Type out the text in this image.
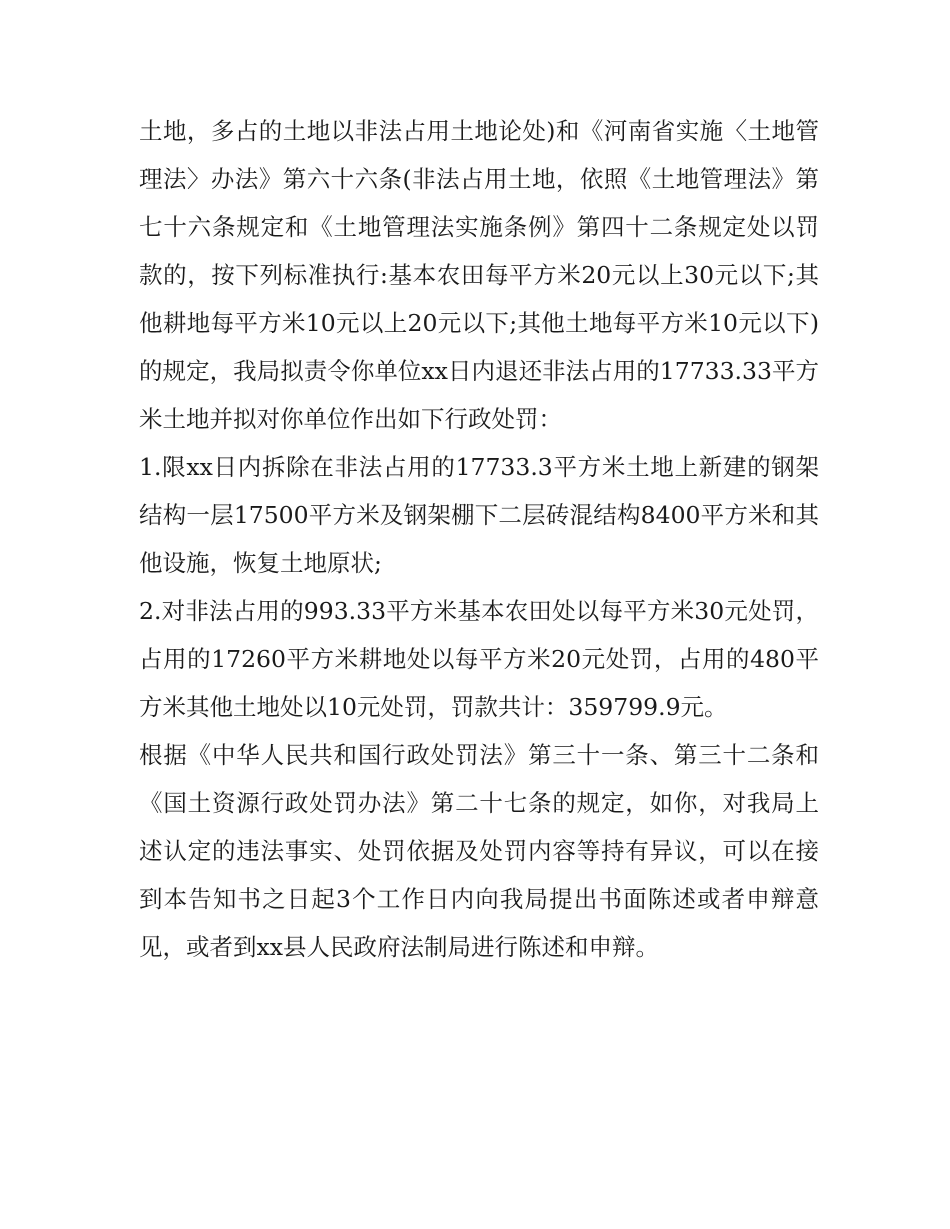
土地，多占的土地以非法占用土地论处)和《河南省实施〈土地管理法〉办法》第六十六条(非法占用土地，依照《土地管理法》第七十六条规定和《土地管理法实施条例》第四十二条规定处以罚款的，按下列标准执行:基本农田每平方米20元以上30元以下;其他耕地每平方米10元以上20元以下;其他土地每平方米10元以下)的规定，我局拟责令你单位xx日内退还非法占用的17733.33平方米土地并拟对你单位作出如下行政处罚：

1.限xx日内拆除在非法占用的17733.3平方米土地上新建的钢架结构一层17500平方米及钢架棚下二层砖混结构8400平方米和其他设施，恢复土地原状;

2.对非法占用的993.33平方米基本农田处以每平方米30元处罚，占用的17260平方米耕地处以每平方米20元处罚，占用的480平方米其他土地处以10元处罚，罚款共计：359799.9元。

根据《中华人民共和国行政处罚法》第三十一条、第三十二条和《国土资源行政处罚办法》第二十七条的规定，如你，对我局上述认定的违法事实、处罚依据及处罚内容等持有异议，可以在接到本告知书之日起3个工作日内向我局提出书面陈述或者申辩意见，或者到xx县人民政府法制局进行陈述和申辩。
